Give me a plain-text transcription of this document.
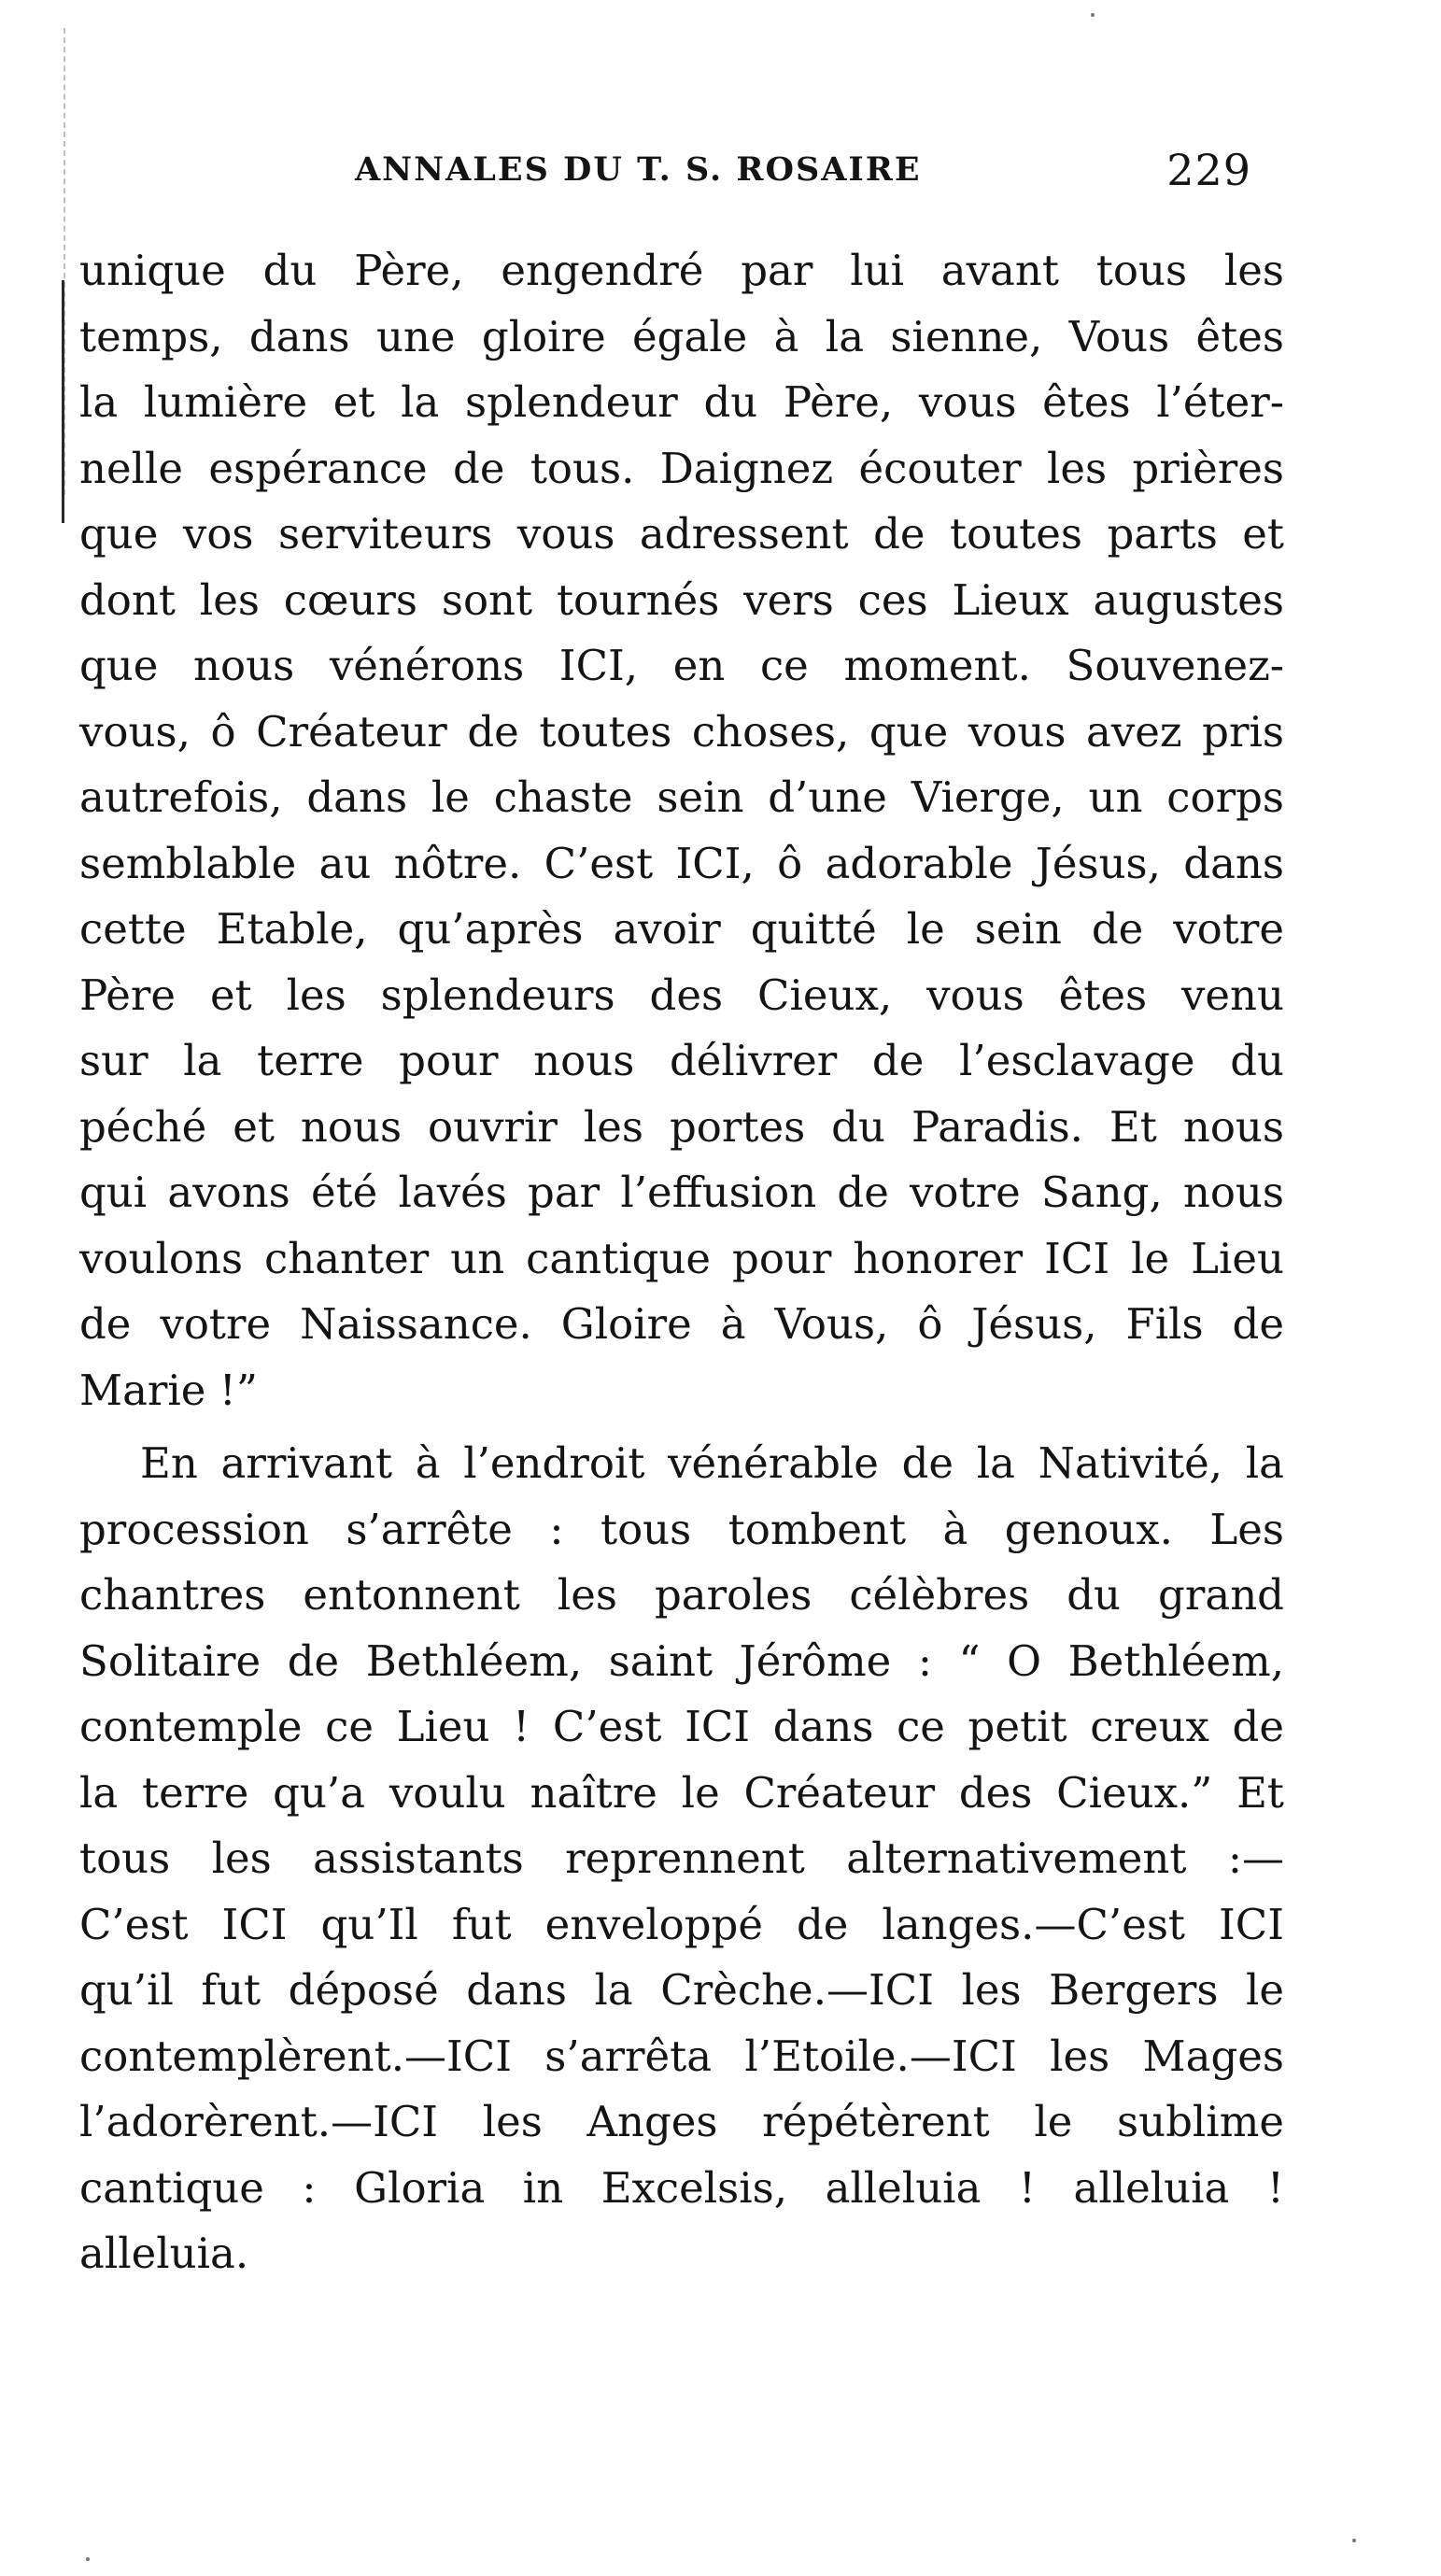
ANNALES DU T. S. ROSAIRE	229
unique du Père, engendré par lui avant tous les
temps, dans une gloire égale à la sienne, Vous êtes
la lumière et la splendeur du Père, vous êtes l’éter-
nelle espérance de tous. Daignez écouter les prières
que vos serviteurs vous adressent de toutes parts et
dont les cœurs sont tournés vers ces Lieux augustes
que nous vénérons ICI, en ce moment. Souvenez-
vous, ô Créateur de toutes choses, que vous avez pris
autrefois, dans le chaste sein d’une Vierge, un corps
semblable au nôtre. C’est ICI, ô adorable Jésus, dans
cette Etable, qu’après avoir quitté le sein de votre
Père et les splendeurs des Cieux, vous êtes venu
sur la terre pour nous délivrer de l’esclavage du
péché et nous ouvrir les portes du Paradis. Et nous
qui avons été lavés par l’effusion de votre Sang, nous
voulons chanter un cantique pour honorer ICI le Lieu
de votre Naissance. Gloire à Vous, ô Jésus, Fils de
Marie !”
En arrivant à l’endroit vénérable de la Nativité, la
procession s’arrête : tous tombent à genoux. Les
chantres entonnent les paroles célèbres du grand
Solitaire de Bethléem, saint Jérôme : “ O Bethléem,
contemple ce Lieu ! C’est ICI dans ce petit creux de
la terre qu’a voulu naître le Créateur des Cieux.” Et
tous les assistants reprennent alternativement :—
C’est ICI qu’Il fut enveloppé de langes.—C’est ICI
qu’il fut déposé dans la Crèche.—ICI les Bergers le
contemplèrent.—ICI s’arrêta l’Etoile.—ICI les Mages
l’adorèrent.—ICI les Anges répétèrent le sublime
cantique : Gloria in Excelsis, alleluia ! alleluia !
alleluia.
